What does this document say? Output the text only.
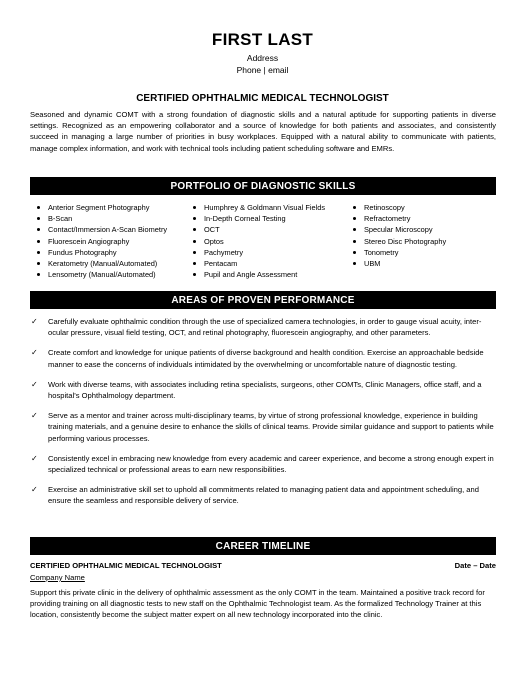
FIRST LAST
Address
Phone | email
CERTIFIED OPHTHALMIC MEDICAL TECHNOLOGIST
Seasoned and dynamic COMT with a strong foundation of diagnostic skills and a natural aptitude for supporting patients in diverse settings. Recognized as an empowering collaborator and a source of knowledge for both patients and associates, and consistently succeed in managing a large number of priorities in busy workplaces. Equipped with a natural ability to communicate with patients, manage complex information, and work with technical tools including patient scheduling software and EMRs.
PORTFOLIO OF DIAGNOSTIC SKILLS
Anterior Segment Photography
B-Scan
Contact/Immersion A-Scan Biometry
Fluorescein Angiography
Fundus Photography
Keratometry (Manual/Automated)
Lensometry (Manual/Automated)
Humphrey & Goldmann Visual Fields
In-Depth Corneal Testing
OCT
Optos
Pachymetry
Pentacam
Pupil and Angle Assessment
Retinoscopy
Refractometry
Specular Microscopy
Stereo Disc Photography
Tonometry
UBM
AREAS OF PROVEN PERFORMANCE
✓ Carefully evaluate ophthalmic condition through the use of specialized camera technologies, in order to gauge visual acuity, inter-ocular pressure, visual field testing, OCT, and retinal photography, fluorescein angiography, and other parameters.
✓ Create comfort and knowledge for unique patients of diverse background and health condition. Exercise an approachable bedside manner to ease the concerns of individuals intimidated by the overwhelming or uncomfortable nature of diagnostic testing.
✓ Work with diverse teams, with associates including retina specialists, surgeons, other COMTs, Clinic Managers, office staff, and a hospital’s Ophthalmology department.
✓ Serve as a mentor and trainer across multi-disciplinary teams, by virtue of strong professional knowledge, experience in building training materials, and a genuine desire to enhance the skills of clinical teams. Provide similar guidance and support to patients while performing various processes.
✓ Consistently excel in embracing new knowledge from every academic and career experience, and become a strong enough expert in specialized technical or professional areas to earn new responsibilities.
✓ Exercise an administrative skill set to uphold all commitments related to managing patient data and appointment scheduling, and ensure the seamless and responsible delivery of service.
CAREER TIMELINE
CERTIFIED OPHTHALMIC MEDICAL TECHNOLOGIST	Date – Date
Company Name
Support this private clinic in the delivery of ophthalmic assessment as the only COMT in the team. Maintained a positive track record for providing training on all diagnostic tests to new staff on the Ophthalmic Technologist team. As the formalized Technology Trainer at this location, consistently become the subject matter expert on all new technology incorporated into the clinic.
